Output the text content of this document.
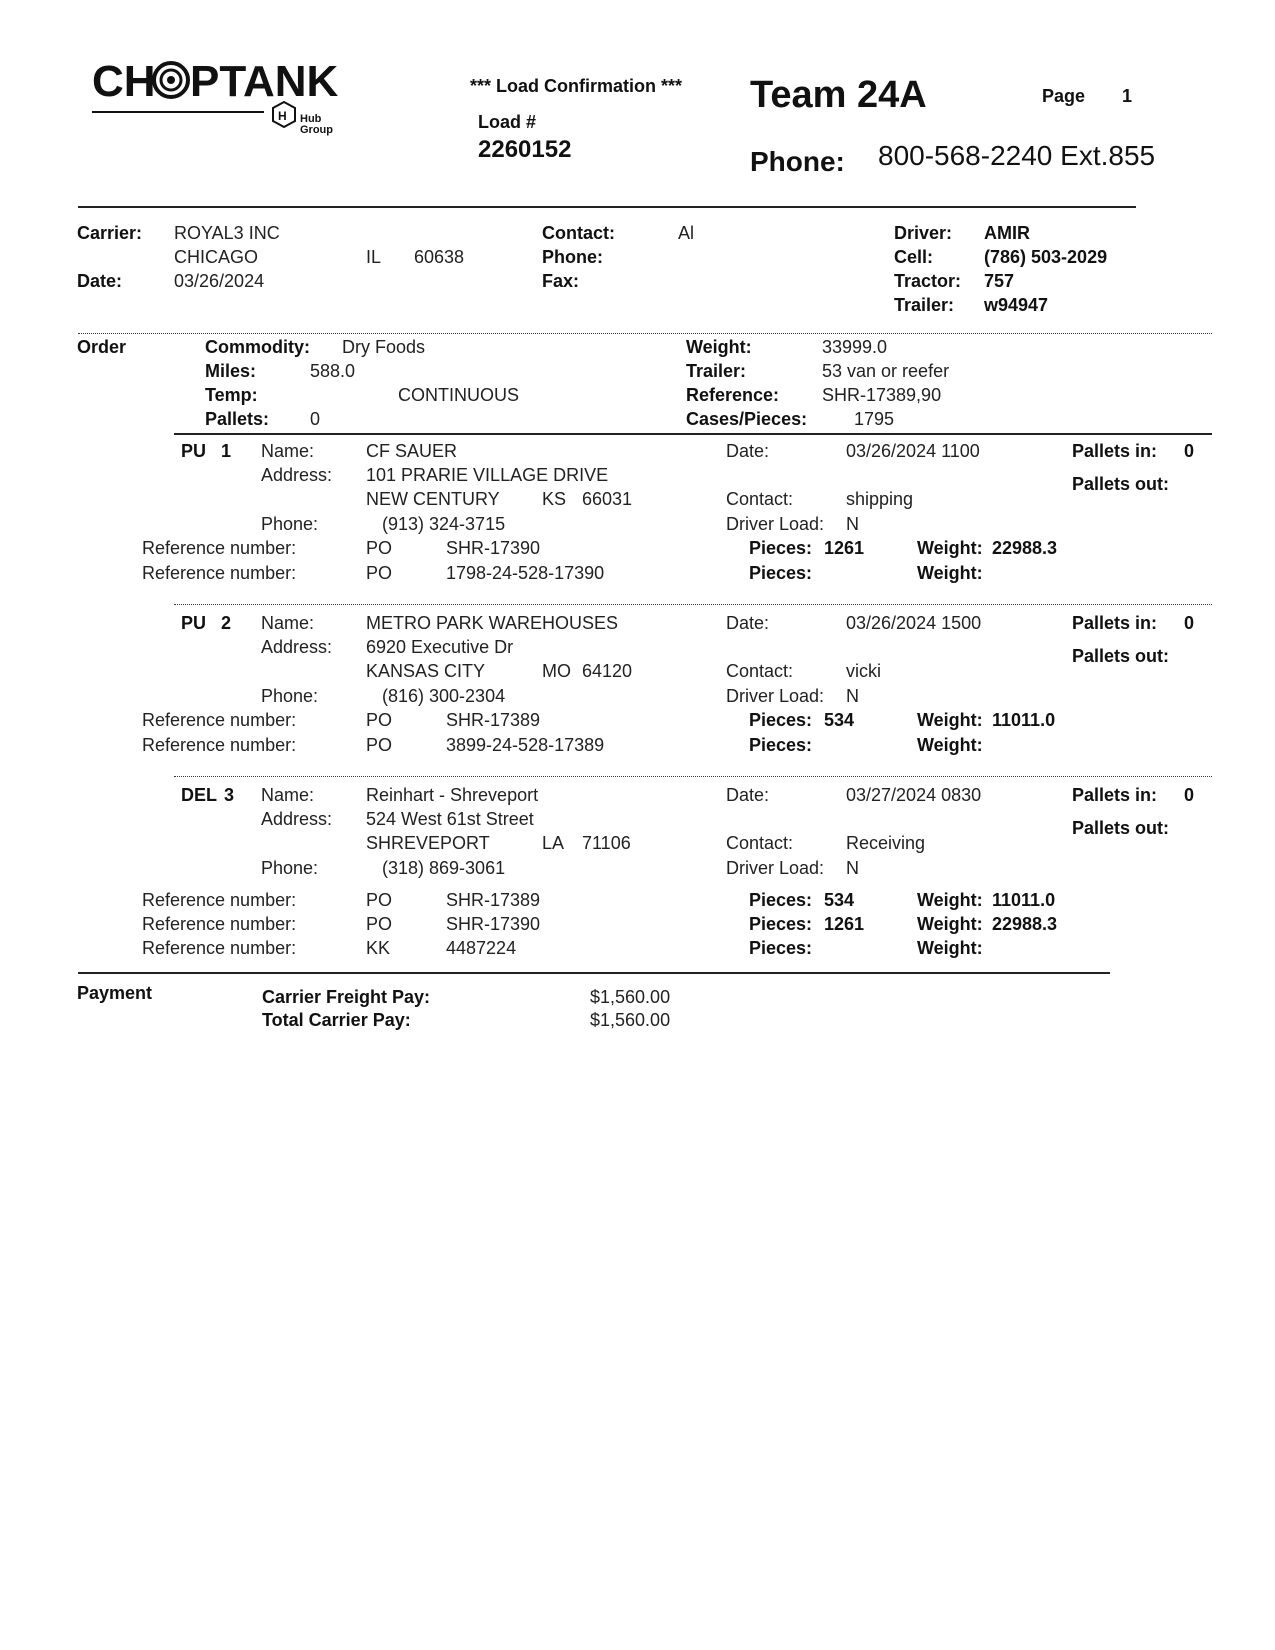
CH PTANK
H Hub Group
*** Load Confirmation ***
Load #
2260152
Team 24A	Page 1
Phone: 800-568-2240 Ext.855
Carrier: ROYAL3 INC
CHICAGO	IL 60638
Date:	03/26/2024
Contact:	Al
Phone:
Fax:
Driver: AMIR
Cell:	(786) 503-2029
Tractor: 757
Trailer: w94947
Order	Commodity: Dry Foods
Miles:	588.0
Temp:	CONTINUOUS
Pallets: 0
Weight:	33999.0
Trailer:	53 van or reefer
Reference: SHR-17389,90
Cases/Pieces:	1795
PU 1 Name:	CF SAUER
Address: 101 PRARIE VILLAGE DRIVE
NEW CENTURY KS 66031
Phone:	(913) 324-3715
Date:	03/26/2024 1100
Contact:	shipping
Driver Load: N
Pallets in: 0
Pallets out:
Reference number:	PO	SHR-17390	Pieces: 1261	Weight: 22988.3
Reference number:	PO	1798-24-528-17390	Pieces:	Weight:
PU 2 Name:	METRO PARK WAREHOUSES
Address: 6920 Executive Dr
KANSAS CITY	MO 64120
Phone:	(816) 300-2304
Date:	03/26/2024 1500
Contact:	vicki
Driver Load: N
Pallets in: 0
Pallets out:
Reference number:	PO	SHR-17389	Pieces: 534	Weight: 11011.0
Reference number:	PO	3899-24-528-17389	Pieces:	Weight:
DEL 3 Name:	Reinhart - Shreveport
Address: 524 West 61st Street
SHREVEPORT	LA 71106
Phone:	(318) 869-3061
Date:	03/27/2024 0830
Contact:	Receiving
Driver Load: N
Pallets in: 0
Pallets out:
Reference number:	PO	SHR-17389	Pieces: 534	Weight: 11011.0
Reference number:	PO	SHR-17390	Pieces: 1261	Weight: 22988.3
Reference number:	KK	4487224	Pieces:	Weight:
Payment	Carrier Freight Pay:	$1,560.00
Total Carrier Pay:	$1,560.00
